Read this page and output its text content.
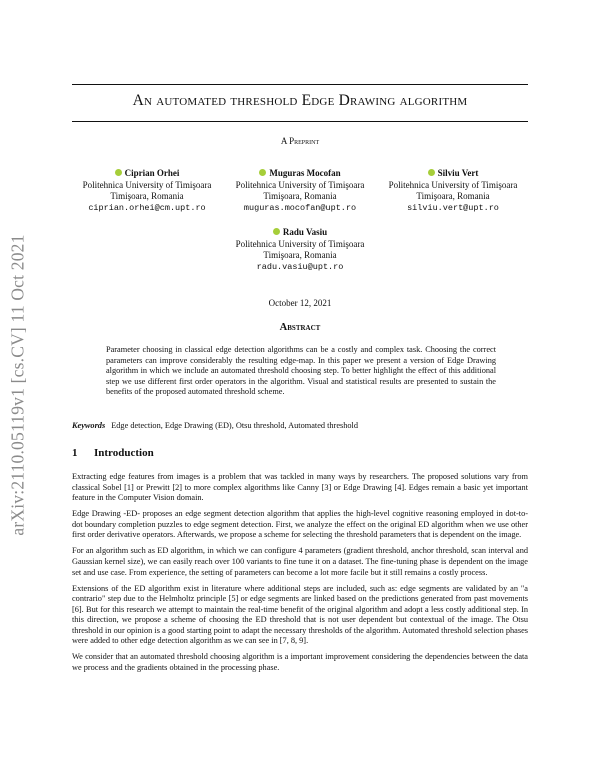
arXiv:2110.05119v1 [cs.CV] 11 Oct 2021
An automated threshold Edge Drawing algorithm
A Preprint
Ciprian Orhei
Politehnica University of Timişoara
Timişoara, Romania
ciprian.orhei@cm.upt.ro
Muguras Mocofan
Politehnica University of Timişoara
Timişoara, Romania
muguras.mocofan@upt.ro
Silviu Vert
Politehnica University of Timişoara
Timişoara, Romania
silviu.vert@upt.ro
Radu Vasiu
Politehnica University of Timişoara
Timişoara, Romania
radu.vasiu@upt.ro
October 12, 2021
Abstract
Parameter choosing in classical edge detection algorithms can be a costly and complex task. Choosing the correct parameters can improve considerably the resulting edge-map. In this paper we present a version of Edge Drawing algorithm in which we include an automated threshold choosing step. To better highlight the effect of this additional step we use different first order operators in the algorithm. Visual and statistical results are presented to sustain the benefits of the proposed automated threshold scheme.
Keywords Edge detection, Edge Drawing (ED), Otsu threshold, Automated threshold
1 Introduction

Extracting edge features from images is a problem that was tackled in many ways by researchers. The proposed solutions vary from classical Sobel [1] or Prewitt [2] to more complex algorithms like Canny [3] or Edge Drawing [4]. Edges remain a basic yet important feature in the Computer Vision domain.

Edge Drawing -ED- proposes an edge segment detection algorithm that applies the high-level cognitive reasoning employed in dot-to-dot boundary completion puzzles to edge segment detection. First, we analyze the effect on the original ED algorithm when we use other first order derivative operators. Afterwards, we propose a scheme for selecting the threshold parameters that is dependent on the image.

For an algorithm such as ED algorithm, in which we can configure 4 parameters (gradient threshold, anchor threshold, scan interval and Gaussian kernel size), we can easily reach over 100 variants to fine tune it on a dataset. The fine-tuning phase is dependent on the image set and use case. From experience, the setting of parameters can become a lot more facile but it still remains a costly process.

Extensions of the ED algorithm exist in literature where additional steps are included, such as: edge segments are validated by an "a contrario" step due to the Helmholtz principle [5] or edge segments are linked based on the predictions generated from past movements [6]. But for this research we attempt to maintain the real-time benefit of the original algorithm and adopt a less costly additional step. In this direction, we propose a scheme of choosing the ED threshold that is not user dependent but contextual of the image. The Otsu threshold in our opinion is a good starting point to adapt the necessary thresholds of the algorithm. Automated threshold selection phases were added to other edge detection algorithm as we can see in [7, 8, 9].

We consider that an automated threshold choosing algorithm is a important improvement considering the dependencies between the data we process and the gradients obtained in the processing phase.
